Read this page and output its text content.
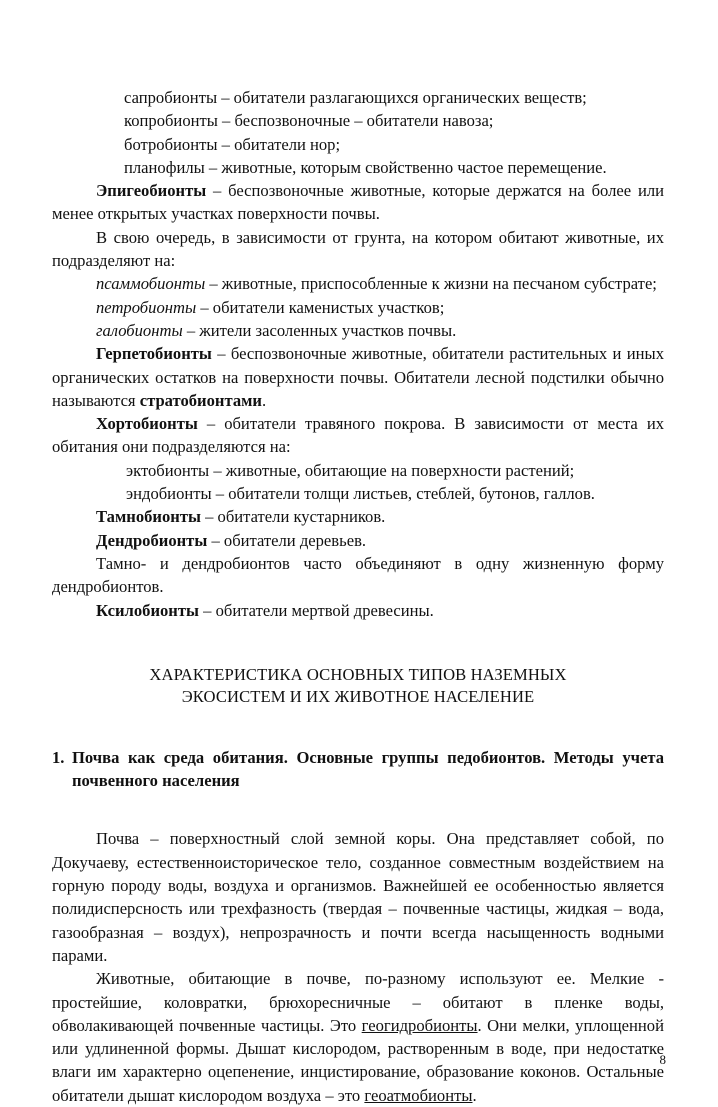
сапробионты – обитатели разлагающихся органических веществ;

копробионты – беспозвоночные – обитатели навоза;

ботробионты – обитатели нор;

планофилы – животные, которым свойственно частое перемещение.

Эпигеобионты – беспозвоночные животные, которые держатся на более или менее открытых участках поверхности почвы.

В свою очередь, в зависимости от грунта, на котором обитают животные, их подразделяют на:

псаммобионты – животные, приспособленные к жизни на песчаном субстрате;

петробионты – обитатели каменистых участков;

галобионты – жители засоленных участков почвы.

Герпетобионты – беспозвоночные животные, обитатели растительных и иных органических остатков на поверхности почвы. Обитатели лесной подстилки обычно называются стратобионтами.

Хортобионты – обитатели травяного покрова. В зависимости от места их обитания они подразделяются на:

эктобионты – животные, обитающие на поверхности растений;

эндобионты – обитатели толщи листьев, стеблей, бутонов, галлов.

Тамнобионты – обитатели кустарников.

Дендробионты – обитатели деревьев.

Тамно- и дендробионтов часто объединяют в одну жизненную форму дендробионтов.

Ксилобионты – обитатели мертвой древесины.

ХАРАКТЕРИСТИКА ОСНОВНЫХ ТИПОВ НАЗЕМНЫХ
ЭКОСИСТЕМ И ИХ ЖИВОТНОЕ НАСЕЛЕНИЕ
1. Почва как среда обитания. Основные группы педобионтов. Методы учета почвенного населения

Почва – поверхностный слой земной коры. Она представляет собой, по Докучаеву, естественноисторическое тело, созданное совместным воздействием на горную породу воды, воздуха и организмов. Важнейшей ее особенностью является полидисперсность или трехфазность (твердая – почвенные частицы, жидкая – вода, газообразная – воздух), непрозрачность и почти всегда насыщенность водными парами.

Животные, обитающие в почве, по-разному используют ее. Мелкие - простейшие, коловратки, брюхоресничные – обитают в пленке воды, обволакивающей почвенные частицы. Это геогидробионты. Они мелки, уплощенной или удлиненной формы. Дышат кислородом, растворенным в воде, при недостатке влаги им характерно оцепенение, инцистирование, образование коконов. Остальные обитатели дышат кислородом воздуха – это геоатмобионты.

8
